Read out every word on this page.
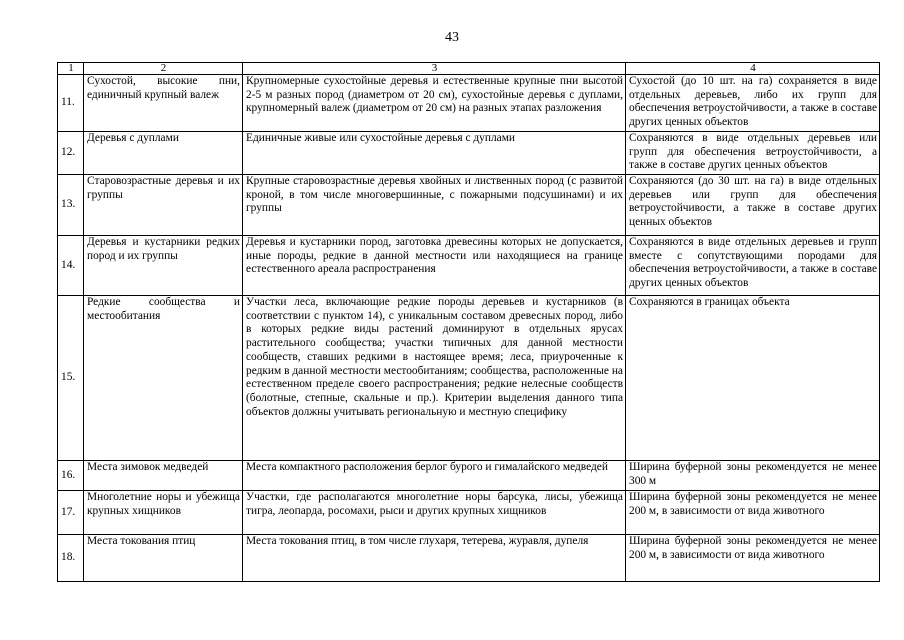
43
1	2	3	4
11.	Сухостой, высокие пни, единичный крупный валеж	Крупномерные сухостойные деревья и естественные крупные пни высотой 2-5 м разных пород (диаметром от 20 см), сухостойные деревья с дуплами, крупномерный валеж (диаметром от 20 см) на разных этапах разложения	Сухостой (до 10 шт. на га) сохраняется в виде отдельных деревьев, либо их групп для обеспечения ветроустойчивости, а также в составе других ценных объектов
12.	Деревья с дуплами	Единичные живые или сухостойные деревья с дуплами	Сохраняются в виде отдельных деревьев или групп для обеспечения ветроустойчивости, а также в составе других ценных объектов
13.	Старовозрастные деревья и их группы	Крупные старовозрастные деревья хвойных и лиственных пород (с развитой кроной, в том числе многовершинные, с пожарными подсушинами) и их группы	Сохраняются (до 30 шт. на га) в виде отдельных деревьев или групп для обеспечения ветроустойчивости, а также в составе других ценных объектов
14.	Деревья и кустарники редких пород и их группы	Деревья и кустарники пород, заготовка древесины которых не допускается, иные породы, редкие в данной местности или находящиеся на границе естественного ареала распространения	Сохраняются в виде отдельных деревьев и групп вместе с сопутствующими породами для обеспечения ветроустойчивости, а также в составе других ценных объектов
15.	Редкие сообщества и местообитания	Участки леса, включающие редкие породы деревьев и кустарников (в соответствии с пунктом 14), с уникальным составом древесных пород, либо в которых редкие виды растений доминируют в отдельных ярусах растительного сообщества; участки типичных для данной местности сообществ, ставших редкими в настоящее время; леса, приуроченные к редким в данной местности местообитаниям; сообщества, расположенные на естественном пределе своего распространения; редкие нелесные сообществ (болотные, степные, скальные и пр.). Критерии выделения данного типа объектов должны учитывать региональную и местную специфику	Сохраняются в границах объекта
16.	Места зимовок медведей	Места компактного расположения берлог бурого и гималайского медведей	Ширина буферной зоны рекомендуется не менее 300 м
17.	Многолетние норы и убежища крупных хищников	Участки, где располагаются многолетние норы барсука, лисы, убежища тигра, леопарда, росомахи, рыси и других крупных хищников	Ширина буферной зоны рекомендуется не менее 200 м, в зависимости от вида животного
18.	Места токования птиц	Места токования птиц, в том числе глухаря, тетерева, журавля, дупеля	Ширина буферной зоны рекомендуется не менее 200 м, в зависимости от вида животного
